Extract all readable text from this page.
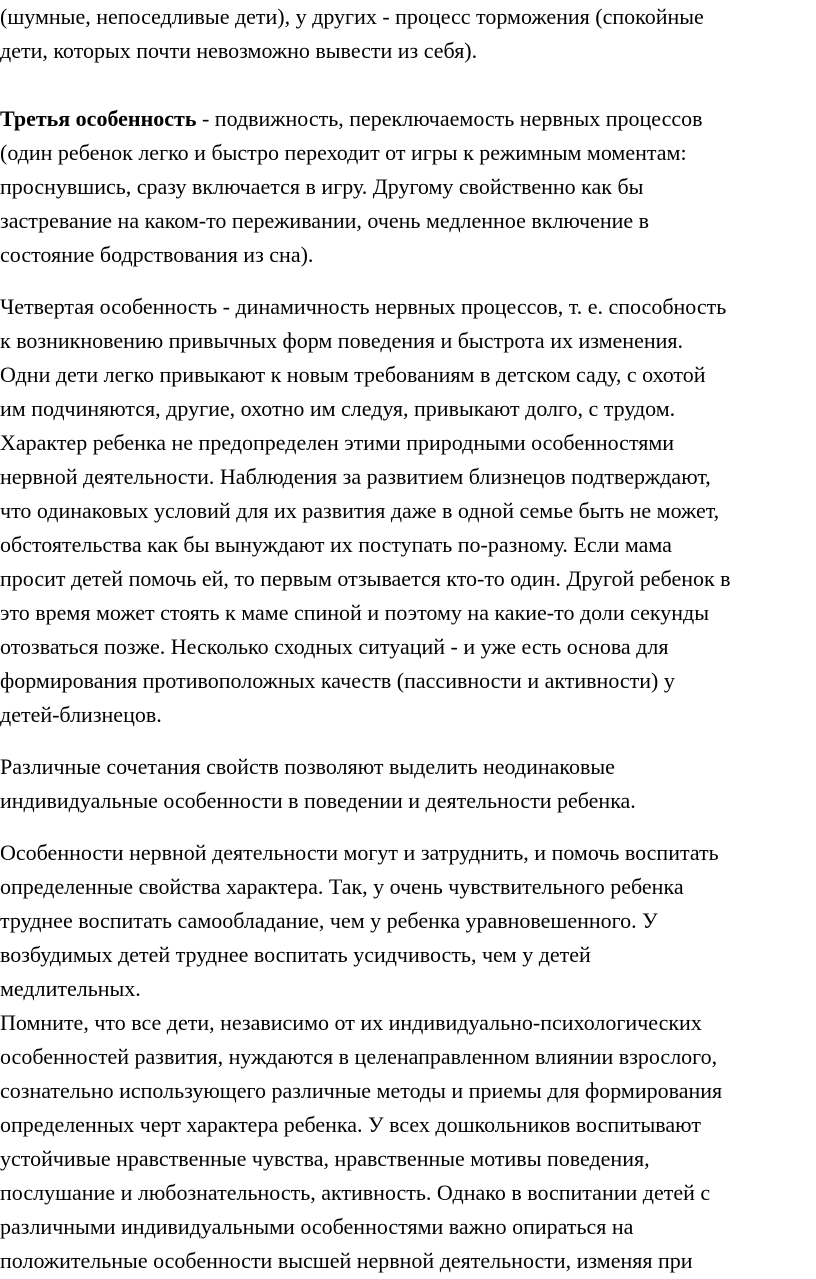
(шумные, непоседливые дети), у других - процесс торможения (спокойные

дети, которых почти невозможно вывести из себя).

Третья особенность - подвижность, переключаемость нервных процессов

(один ребенок легко и быстро переходит от игры к режимным моментам:

проснувшись, сразу включается в игру. Другому свойственно как бы

застревание на каком-то переживании, очень медленное включение в

состояние бодрствования из сна).

Четвертая особенность - динамичность нервных процессов, т. е. способность

к возникновению привычных форм поведения и быстрота их изменения.

Одни дети легко привыкают к новым требованиям в детском саду, с охотой

им подчиняются, другие, охотно им следуя, привыкают долго, с трудом.

Характер ребенка не предопределен этими природными особенностями

нервной деятельности. Наблюдения за развитием близнецов подтверждают,

что одинаковых условий для их развития даже в одной семье быть не может,

обстоятельства как бы вынуждают их поступать по-разному. Если мама

просит детей помочь ей, то первым отзывается кто-то один. Другой ребенок в

это время может стоять к маме спиной и поэтому на какие-то доли секунды

отозваться позже. Несколько сходных ситуаций - и уже есть основа для

формирования противоположных качеств (пассивности и активности) у

детей-близнецов.

Различные сочетания свойств позволяют выделить неодинаковые

индивидуальные особенности в поведении и деятельности ребенка.

Особенности нервной деятельности могут и затруднить, и помочь воспитать

определенные свойства характера. Так, у очень чувствительного ребенка

труднее воспитать самообладание, чем у ребенка уравновешенного. У

возбудимых детей труднее воспитать усидчивость, чем у детей

медлительных.

Помните, что все дети, независимо от их индивидуально-психологических

особенностей развития, нуждаются в целенаправленном влиянии взрослого,

сознательно использующего различные методы и приемы для формирования

определенных черт характера ребенка. У всех дошкольников воспитывают

устойчивые нравственные чувства, нравственные мотивы поведения,

послушание и любознательность, активность. Однако в воспитании детей с

различными индивидуальными особенностями важно опираться на

положительные особенности высшей нервной деятельности, изменяя при
